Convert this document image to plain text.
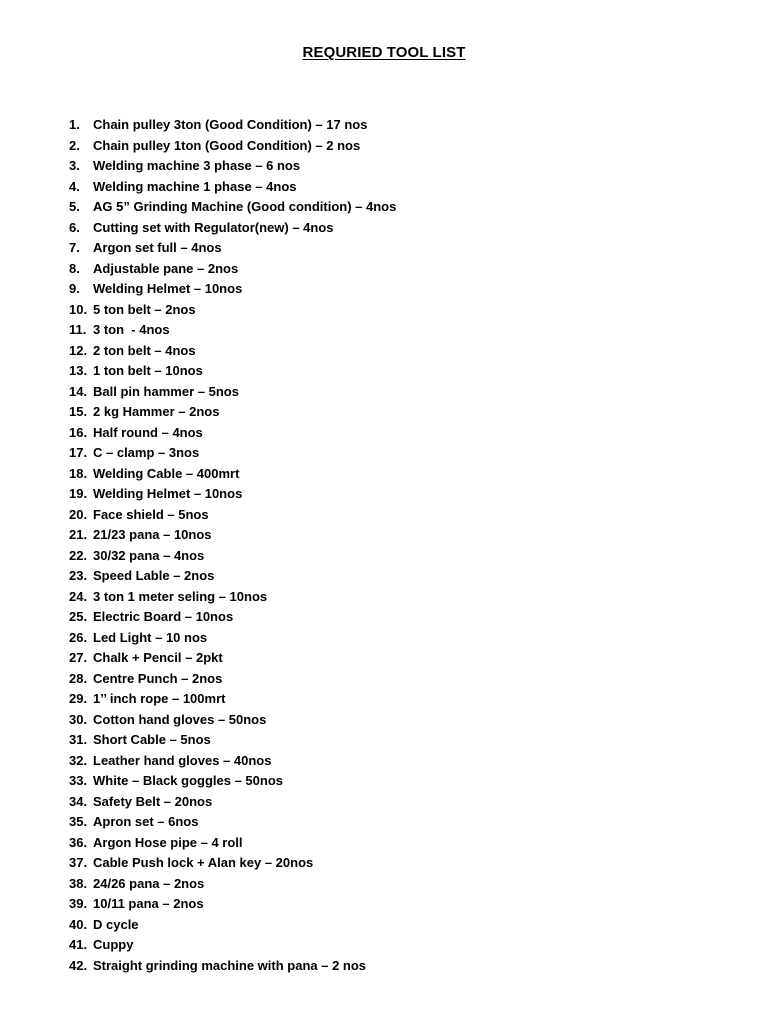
REQURIED TOOL LIST
1.	Chain pulley 3ton (Good Condition) – 17 nos
2.	Chain pulley 1ton (Good Condition) – 2 nos
3.	Welding machine 3 phase – 6 nos
4.	Welding machine 1 phase – 4nos
5.	AG 5” Grinding Machine (Good condition) – 4nos
6.	Cutting set with Regulator(new) – 4nos
7.	Argon set full – 4nos
8.	Adjustable pane – 2nos
9.	Welding Helmet – 10nos
10. 5 ton belt – 2nos
11. 3 ton  - 4nos
12. 2 ton belt – 4nos
13. 1 ton belt – 10nos
14. Ball pin hammer – 5nos
15. 2 kg Hammer – 2nos
16. Half round – 4nos
17. C – clamp – 3nos
18. Welding Cable – 400mrt
19. Welding Helmet – 10nos
20. Face shield – 5nos
21. 21/23 pana – 10nos
22. 30/32 pana – 4nos
23. Speed Lable – 2nos
24. 3 ton 1 meter seling – 10nos
25. Electric Board – 10nos
26. Led Light – 10 nos
27. Chalk + Pencil – 2pkt
28. Centre Punch – 2nos
29. 1’’ inch rope – 100mrt
30. Cotton hand gloves – 50nos
31. Short Cable – 5nos
32. Leather hand gloves – 40nos
33. White – Black goggles – 50nos
34. Safety Belt – 20nos
35. Apron set – 6nos
36. Argon Hose pipe – 4 roll
37. Cable Push lock + Alan key – 20nos
38. 24/26 pana – 2nos
39. 10/11 pana – 2nos
40. D cycle
41. Cuppy
42. Straight grinding machine with pana – 2 nos
